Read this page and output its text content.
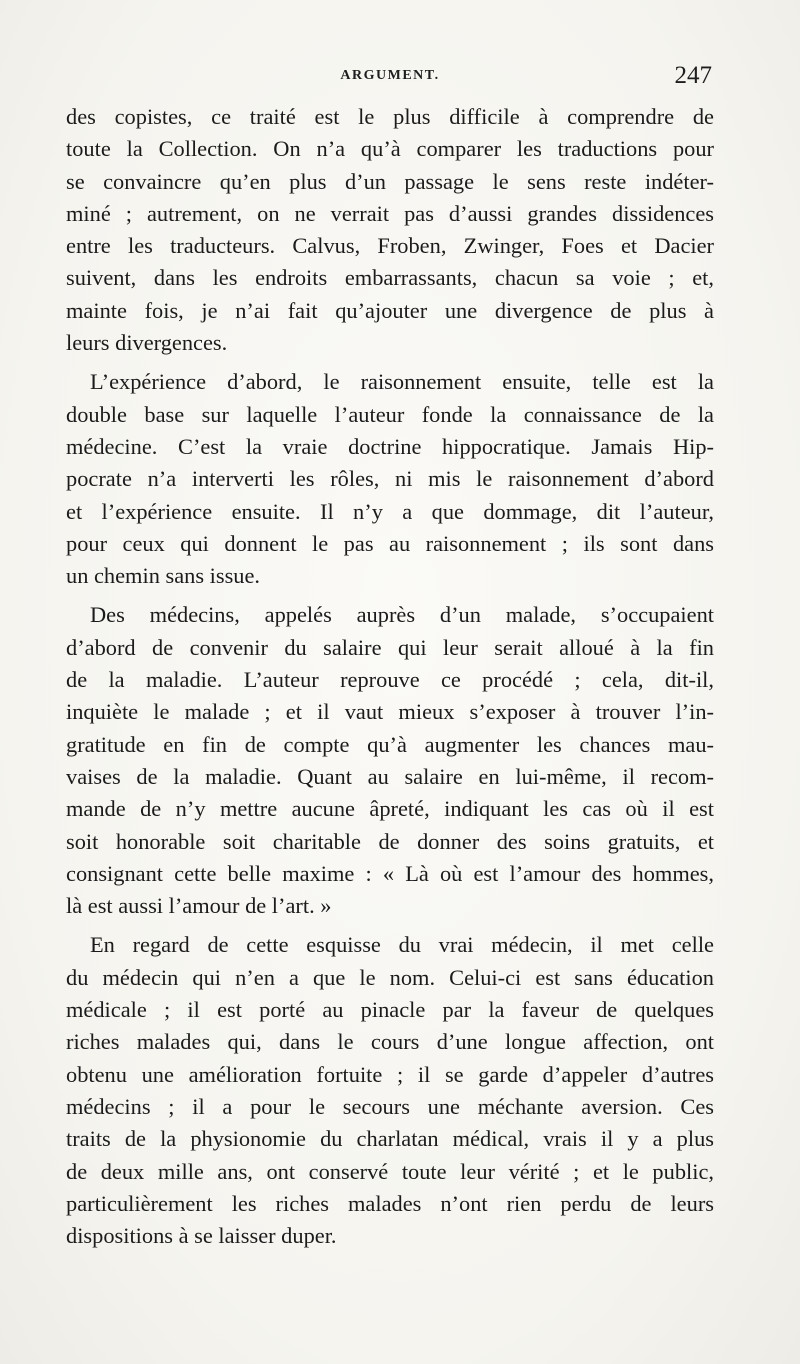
ARGUMENT.	247
des copistes, ce traité est le plus difficile à comprendre de
toute la Collection. On n’a qu’à comparer les traductions pour
se convaincre qu’en plus d’un passage le sens reste indéter-
miné ; autrement, on ne verrait pas d’aussi grandes dissidences
entre les traducteurs. Calvus, Froben, Zwinger, Foes et Dacier
suivent, dans les endroits embarrassants, chacun sa voie ; et,
mainte fois, je n’ai fait qu’ajouter une divergence de plus à
leurs divergences.
L’expérience d’abord, le raisonnement ensuite, telle est la
double base sur laquelle l’auteur fonde la connaissance de la
médecine. C’est la vraie doctrine hippocratique. Jamais Hip-
pocrate n’a interverti les rôles, ni mis le raisonnement d’abord
et l’expérience ensuite. Il n’y a que dommage, dit l’auteur,
pour ceux qui donnent le pas au raisonnement ; ils sont dans
un chemin sans issue.
Des médecins, appelés auprès d’un malade, s’occupaient
d’abord de convenir du salaire qui leur serait alloué à la fin
de la maladie. L’auteur reprouve ce procédé ; cela, dit-il,
inquiète le malade ; et il vaut mieux s’exposer à trouver l’in-
gratitude en fin de compte qu’à augmenter les chances mau-
vaises de la maladie. Quant au salaire en lui-même, il recom-
mande de n’y mettre aucune âpreté, indiquant les cas où il est
soit honorable soit charitable de donner des soins gratuits, et
consignant cette belle maxime : « Là où est l’amour des hommes,
là est aussi l’amour de l’art. »
En regard de cette esquisse du vrai médecin, il met celle
du médecin qui n’en a que le nom. Celui-ci est sans éducation
médicale ; il est porté au pinacle par la faveur de quelques
riches malades qui, dans le cours d’une longue affection, ont
obtenu une amélioration fortuite ; il se garde d’appeler d’autres
médecins ; il a pour le secours une méchante aversion. Ces
traits de la physionomie du charlatan médical, vrais il y a plus
de deux mille ans, ont conservé toute leur vérité ; et le public,
particulièrement les riches malades n’ont rien perdu de leurs
dispositions à se laisser duper.
